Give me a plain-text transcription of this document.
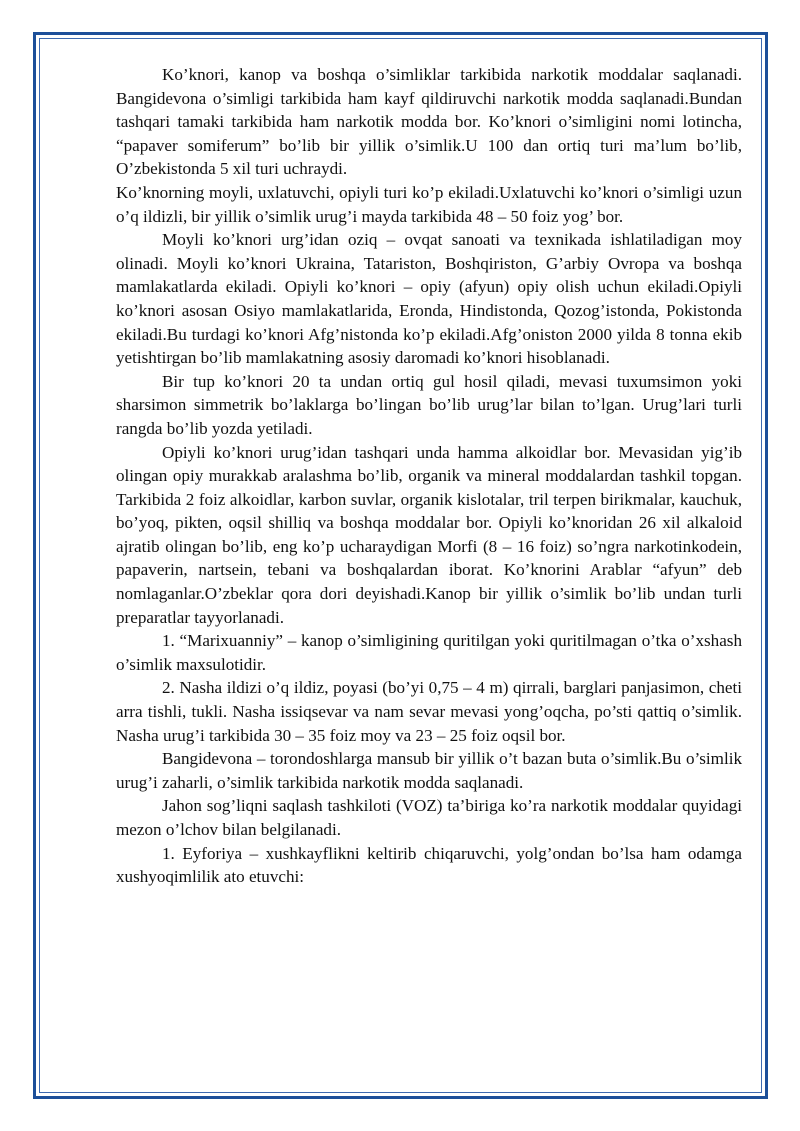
Ko’knori, kanop va boshqa o’simliklar tarkibida narkotik moddalar saqlanadi. Bangidevona o’simligi tarkibida ham kayf qildiruvchi narkotik modda saqlanadi.Bundan tashqari tamaki tarkibida ham narkotik modda bor. Ko’knori o’simligini nomi lotincha, “papaver somiferum” bo’lib bir yillik o’simlik.U 100 dan ortiq turi ma’lum bo’lib, O’zbekistonda 5 xil turi uchraydi.

Ko’knorning moyli, uxlatuvchi, opiyli turi ko’p ekiladi.Uxlatuvchi ko’knori o’simligi uzun o’q ildizli, bir yillik o’simlik urug’i mayda tarkibida 48 – 50 foiz yog’ bor.

Moyli ko’knori urg’idan oziq – ovqat sanoati va texnikada ishlatiladigan moy olinadi. Moyli ko’knori Ukraina, Tatariston, Boshqiriston, G’arbiy Ovropa va boshqa mamlakatlarda ekiladi. Opiyli ko’knori – opiy (afyun) opiy olish uchun ekiladi.Opiyli ko’knori asosan Osiyo mamlakatlarida, Eronda, Hindistonda, Qozog’istonda, Pokistonda ekiladi.Bu turdagi ko’knori Afg’nistonda ko’p ekiladi.Afg’oniston 2000 yilda 8 tonna ekib yetishtirgan bo’lib mamlakatning asosiy daromadi ko’knori hisoblanadi.

Bir tup ko’knori 20 ta undan ortiq gul hosil qiladi, mevasi tuxumsimon yoki sharsimon simmetrik bo’laklarga bo’lingan bo’lib urug’lar bilan to’lgan. Urug’lari turli rangda bo’lib yozda yetiladi.

Opiyli ko’knori urug’idan tashqari unda hamma alkoidlar bor. Mevasidan yig’ib olingan opiy murakkab aralashma bo’lib, organik va mineral moddalardan tashkil topgan. Tarkibida 2 foiz alkoidlar, karbon suvlar, organik kislotalar, tril terpen birikmalar, kauchuk, bo’yoq, pikten, oqsil shilliq va boshqa moddalar bor. Opiyli ko’knoridan 26 xil alkaloid ajratib olingan bo’lib, eng ko’p ucharaydigan Morfi (8 – 16 foiz) so’ngra narkotinkodein, papaverin, nartsein, tebani va boshqalardan iborat. Ko’knorini Arablar “afyun” deb nomlaganlar.O’zbeklar qora dori deyishadi.Kanop bir yillik o’simlik bo’lib undan turli preparatlar tayyorlanadi.

1. “Marixuanniy” – kanop o’simligining quritilgan yoki quritilmagan o’tka o’xshash o’simlik maxsulotidir.

2. Nasha ildizi o’q ildiz, poyasi (bo’yi 0,75 – 4 m) qirrali, barglari panjasimon, cheti arra tishli, tukli. Nasha issiqsevar va nam sevar mevasi yong’oqcha, po’sti qattiq o’simlik. Nasha urug’i tarkibida 30 – 35 foiz moy va 23 – 25 foiz oqsil bor.

Bangidevona – torondoshlarga mansub bir yillik o’t bazan buta o’simlik.Bu o’simlik urug’i zaharli, o’simlik tarkibida narkotik modda saqlanadi.

Jahon sog’liqni saqlash tashkiloti (VOZ) ta’biriga ko’ra narkotik moddalar quyidagi mezon o’lchov bilan belgilanadi.

1. Eyforiya – xushkayflikni keltirib chiqaruvchi, yolg’ondan bo’lsa ham odamga xushyoqimlilik ato etuvchi:
